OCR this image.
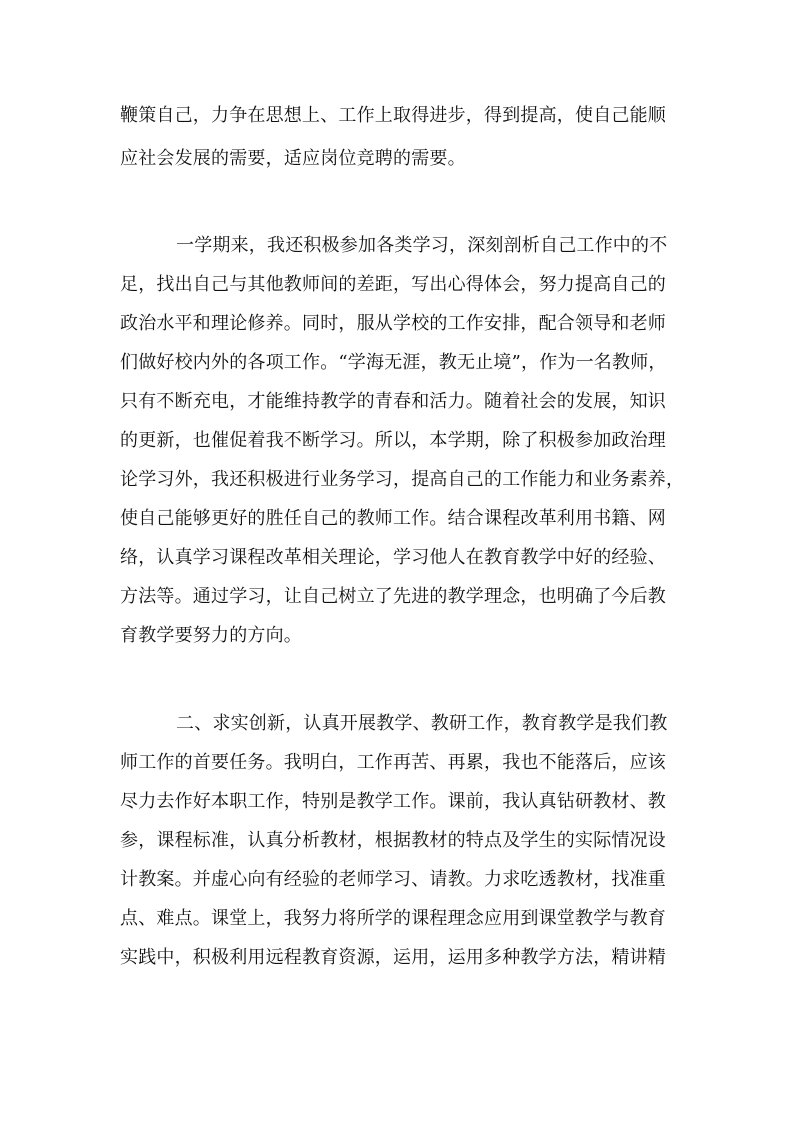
鞭策自己，力争在思想上、工作上取得进步，得到提高，使自己能顺
应社会发展的需要，适应岗位竞聘的需要。
一学期来，我还积极参加各类学习，深刻剖析自己工作中的不
足，找出自己与其他教师间的差距，写出心得体会，努力提高自己的
政治水平和理论修养。同时，服从学校的工作安排，配合领导和老师
们做好校内外的各项工作。“学海无涯，教无止境”，作为一名教师，
只有不断充电，才能维持教学的青春和活力。随着社会的发展，知识
的更新，也催促着我不断学习。所以，本学期，除了积极参加政治理
论学习外，我还积极进行业务学习，提高自己的工作能力和业务素养，
使自己能够更好的胜任自己的教师工作。结合课程改革利用书籍、网
络，认真学习课程改革相关理论，学习他人在教育教学中好的经验、
方法等。通过学习，让自己树立了先进的教学理念，也明确了今后教
育教学要努力的方向。
二、求实创新，认真开展教学、教研工作，教育教学是我们教
师工作的首要任务。我明白，工作再苦、再累，我也不能落后，应该
尽力去作好本职工作，特别是教学工作。课前，我认真钻研教材、教
参，课程标准，认真分析教材，根据教材的特点及学生的实际情况设
计教案。并虚心向有经验的老师学习、请教。力求吃透教材，找准重
点、难点。课堂上，我努力将所学的课程理念应用到课堂教学与教育
实践中，积极利用远程教育资源，运用，运用多种教学方法，精讲精
